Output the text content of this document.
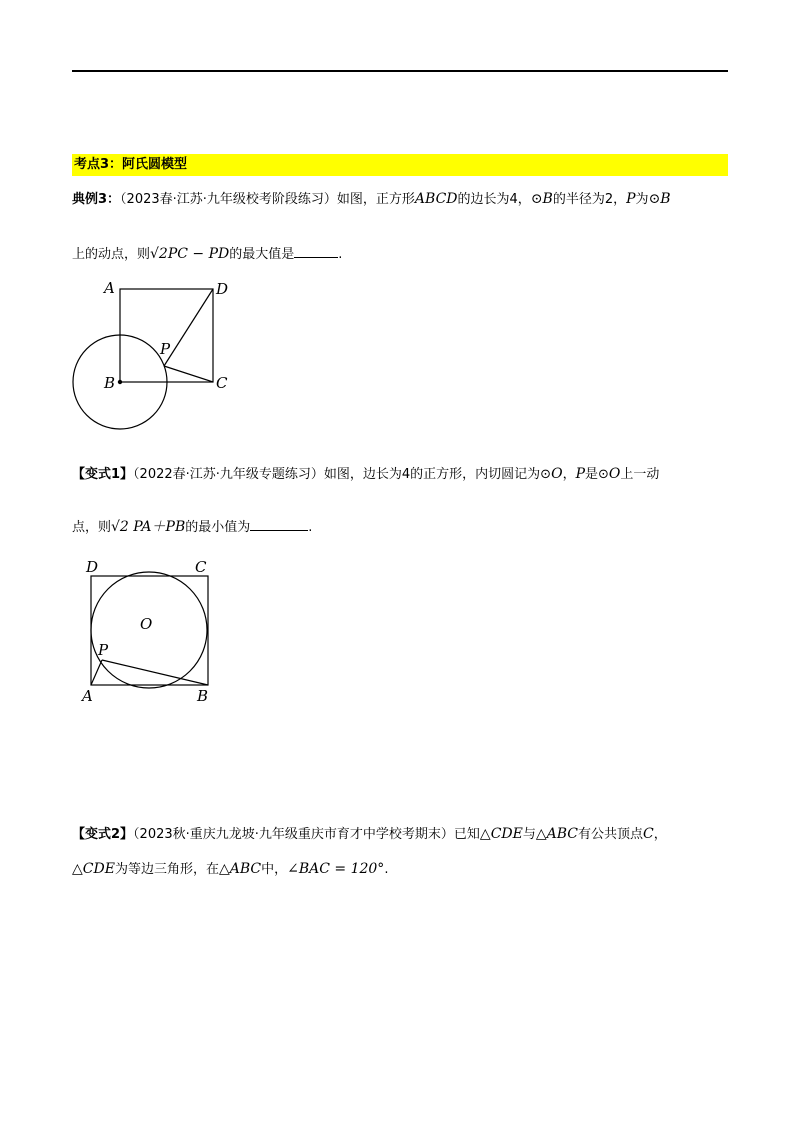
考点3：阿氏圆模型
典例3：（2023春·江苏·九年级校考阶段练习）如图，正方形ABCD的边长为4，⊙B的半径为2，P为⊙B
上的动点，则√2PC − PD的最大值是	.
A	D
P
B	C
【变式1】（2022春·江苏·九年级专题练习）如图，边长为4的正方形，内切圆记为⊙O，P是⊙O上一动
点，则√2 PA＋PB的最小值为	.
D	C
O
P
A	B
【变式2】（2023秋·重庆九龙坡·九年级重庆市育才中学校考期末）已知△CDE与△ABC有公共顶点C，
△CDE为等边三角形，在△ABC中，∠BAC = 120°.
